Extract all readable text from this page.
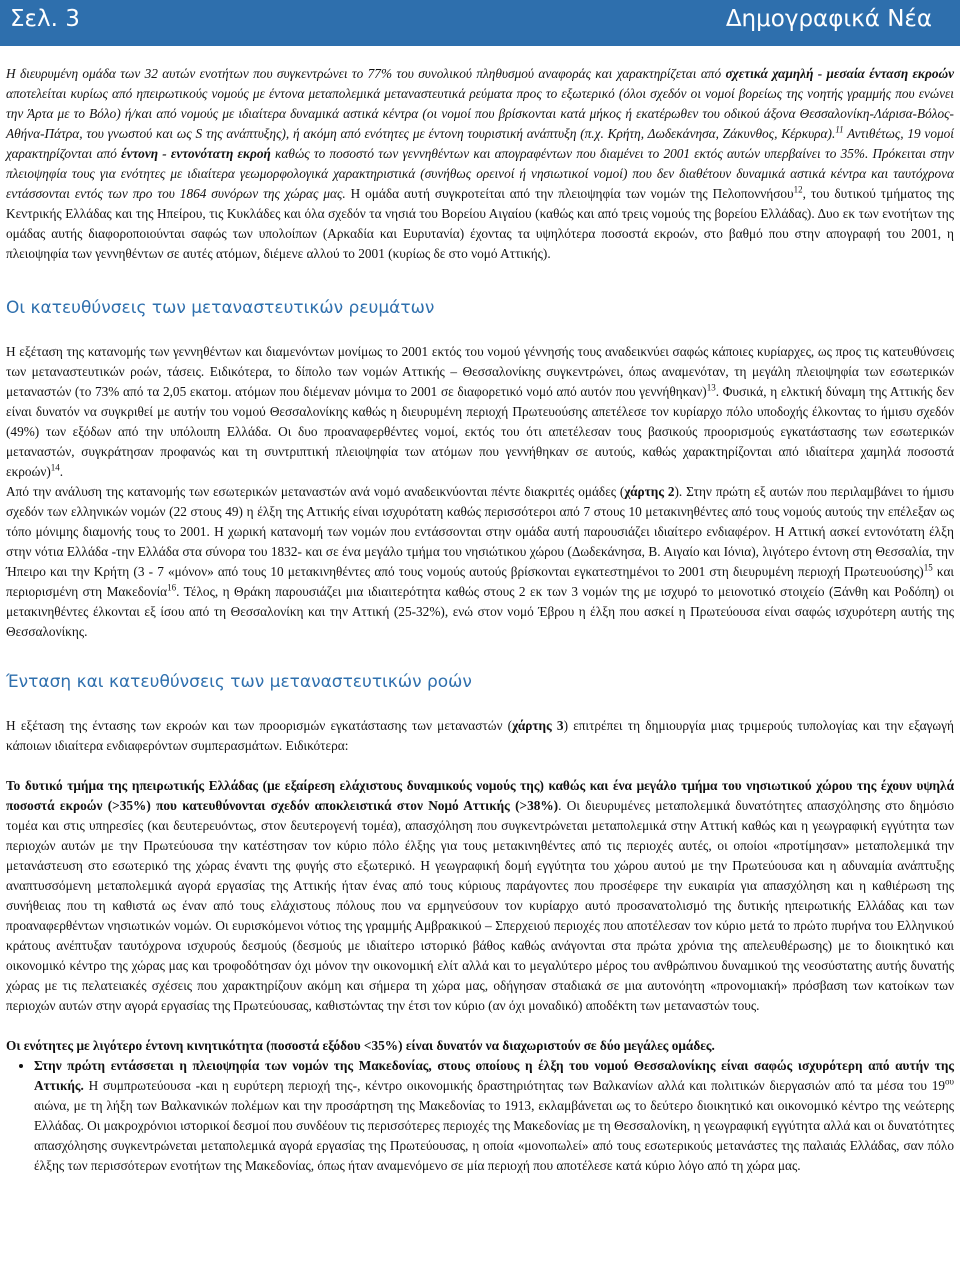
Σελ. 3	Δημογραφικά Νέα

Η διευρυμένη ομάδα των 32 αυτών ενοτήτων που συγκεντρώνει το 77% του συνολικού πληθυσμού αναφοράς και χαρακτηρίζεται από σχετικά χαμηλή - μεσαία ένταση εκροών αποτελείται κυρίως από ηπειρωτικούς νομούς με έντονα μεταπολεμικά μεταναστευτικά ρεύματα προς το εξωτερικό (όλοι σχεδόν οι νομοί βορείως της νοητής γραμμής που ενώνει την Άρτα με το Βόλο) ή/και από νομούς με ιδιαίτερα δυναμικά αστικά κέντρα (οι νομοί που βρίσκονται κατά μήκος ή εκατέρωθεν του οδικού άξονα Θεσσαλονίκη-Λάρισα-Βόλος-Αθήνα-Πάτρα, του γνωστού και ως S της ανάπτυξης), ή ακόμη από ενότητες με έντονη τουριστική ανάπτυξη (π.χ. Κρήτη, Δωδεκάνησα, Ζάκυνθος, Κέρκυρα).$^{11}$ Αντιθέτως, 19 νομοί χαρακτηρίζονται από έντονη - εντονότατη εκροή καθώς το ποσοστό των γεννηθέντων και απογραφέντων που διαμένει το 2001 εκτός αυτών υπερβαίνει το 35%. Πρόκειται στην πλειοψηφία τους για ενότητες με ιδιαίτερα γεωμορφολογικά χαρακτηριστικά (συνήθως ορεινοί ή νησιωτικοί νομοί) που δεν διαθέτουν δυναμικά αστικά κέντρα και ταυτόχρονα εντάσσονται εντός των προ του 1864 συνόρων της χώρας μας. Η ομάδα αυτή συγκροτείται από την πλειοψηφία των νομών της Πελοποννήσου$^{12}$, του δυτικού τμήματος της Κεντρικής Ελλάδας και της Ηπείρου, τις Κυκλάδες και όλα σχεδόν τα νησιά του Βορείου Αιγαίου (καθώς και από τρεις νομούς της βορείου Ελλάδας). Δυο εκ των ενοτήτων της ομάδας αυτής διαφοροποιούνται σαφώς των υπολοίπων (Αρκαδία και Ευρυτανία) έχοντας τα υψηλότερα ποσοστά εκροών, στο βαθμό που στην απογραφή του 2001, η πλειοψηφία των γεννηθέντων σε αυτές ατόμων, διέμενε αλλού το 2001 (κυρίως δε στο νομό Αττικής).

Οι κατευθύνσεις των μεταναστευτικών ρευμάτων

Η εξέταση της κατανομής των γεννηθέντων και διαμενόντων μονίμως το 2001 εκτός του νομού γέννησής τους αναδεικνύει σαφώς κάποιες κυρίαρχες, ως προς τις κατευθύνσεις των μεταναστευτικών ροών, τάσεις. Ειδικότερα, το δίπολο των νομών Αττικής – Θεσσαλονίκης συγκεντρώνει, όπως αναμενόταν, τη μεγάλη πλειοψηφία των εσωτερικών μεταναστών (το 73% από τα 2,05 εκατομ. ατόμων που διέμεναν μόνιμα το 2001 σε διαφορετικό νομό από αυτόν που γεννήθηκαν)$^{13}$. Φυσικά, η ελκτική δύναμη της Αττικής δεν είναι δυνατόν να συγκριθεί με αυτήν του νομού Θεσσαλονίκης καθώς η διευρυμένη περιοχή Πρωτευούσης απετέλεσε τον κυρίαρχο πόλο υποδοχής έλκοντας το ήμισυ σχεδόν (49%) των εξόδων από την υπόλοιπη Ελλάδα. Οι δυο προαναφερθέντες νομοί, εκτός του ότι απετέλεσαν τους βασικούς προορισμούς εγκατάστασης των εσωτερικών μεταναστών, συγκράτησαν προφανώς και τη συντριπτική πλειοψηφία των ατόμων που γεννήθηκαν σε αυτούς, καθώς χαρακτηρίζονται από ιδιαίτερα χαμηλά ποσοστά εκροών)$^{14}$.

Από την ανάλυση της κατανομής των εσωτερικών μεταναστών ανά νομό αναδεικνύονται πέντε διακριτές ομάδες (χάρτης 2). Στην πρώτη εξ αυτών που περιλαμβάνει το ήμισυ σχεδόν των ελληνικών νομών (22 στους 49) η έλξη της Αττικής είναι ισχυρότατη καθώς περισσότεροι από 7 στους 10 μετακινηθέντες από τους νομούς αυτούς την επέλεξαν ως τόπο μόνιμης διαμονής τους το 2001. Η χωρική κατανομή των νομών που εντάσσονται στην ομάδα αυτή παρουσιάζει ιδιαίτερο ενδιαφέρον. Η Αττική ασκεί εντονότατη έλξη στην νότια Ελλάδα -την Ελλάδα στα σύνορα του 1832- και σε ένα μεγάλο τμήμα του νησιώτικου χώρου (Δωδεκάνησα, Β. Αιγαίο και Ιόνια), λιγότερο έντονη στη Θεσσαλία, την Ήπειρο και την Κρήτη (3 - 7 «μόνον» από τους 10 μετακινηθέντες από τους νομούς αυτούς βρίσκονται εγκατεστημένοι το 2001 στη διευρυμένη περιοχή Πρωτευούσης)$^{15}$ και περιορισμένη στη Μακεδονία$^{16}$. Τέλος, η Θράκη παρουσιάζει μια ιδιαιτερότητα καθώς στους 2 εκ των 3 νομών της με ισχυρό το μειονοτικό στοιχείο (Ξάνθη και Ροδόπη) οι μετακινηθέντες έλκονται εξ ίσου από τη Θεσσαλονίκη και την Αττική (25-32%), ενώ στον νομό Έβρου η έλξη που ασκεί η Πρωτεύουσα είναι σαφώς ισχυρότερη αυτής της Θεσσαλονίκης.

Ένταση και κατευθύνσεις των μεταναστευτικών ροών

Η εξέταση της έντασης των εκροών και των προορισμών εγκατάστασης των μεταναστών (χάρτης 3) επιτρέπει τη δημιουργία μιας τριμερούς τυπολογίας και την εξαγωγή κάποιων ιδιαίτερα ενδιαφερόντων συμπερασμάτων. Ειδικότερα:

Το δυτικό τμήμα της ηπειρωτικής Ελλάδας (με εξαίρεση ελάχιστους δυναμικούς νομούς της) καθώς και ένα μεγάλο τμήμα του νησιωτικού χώρου της έχουν υψηλά ποσοστά εκροών (>35%) που κατευθύνονται σχεδόν αποκλειστικά στον Νομό Αττικής (>38%). Οι διευρυμένες μεταπολεμικά δυνατότητες απασχόλησης στο δημόσιο τομέα και στις υπηρεσίες (και δευτερευόντως, στον δευτερογενή τομέα), απασχόληση που συγκεντρώνεται μεταπολεμικά στην Αττική καθώς και η γεωγραφική εγγύτητα των περιοχών αυτών με την Πρωτεύουσα την κατέστησαν τον κύριο πόλο έλξης για τους μετακινηθέντες από τις περιοχές αυτές, οι οποίοι «προτίμησαν» μεταπολεμικά την μετανάστευση στο εσωτερικό της χώρας έναντι της φυγής στο εξωτερικό. Η γεωγραφική δομή εγγύτητα του χώρου αυτού με την Πρωτεύουσα και η αδυναμία ανάπτυξης αναπτυσσόμενη μεταπολεμικά αγορά εργασίας της Αττικής ήταν ένας από τους κύριους παράγοντες που προσέφερε την ευκαιρία για απασχόληση και η καθιέρωση της συνήθειας που τη καθιστά ως έναν από τους ελάχιστους πόλους που να ερμηνεύσουν τον κυρίαρχο αυτό προσανατολισμό της δυτικής ηπειρωτικής Ελλάδας και των προαναφερθέντων νησιωτικών νομών. Οι ευρισκόμενοι νότιος της γραμμής Αμβρακικού – Σπερχειού περιοχές που αποτέλεσαν τον κύριο μετά το πρώτο πυρήνα του Ελληνικού κράτους ανέπτυξαν ταυτόχρονα ισχυρούς δεσμούς (δεσμούς με ιδιαίτερο ιστορικό βάθος καθώς ανάγονται στα πρώτα χρόνια της απελευθέρωσης) με το διοικητικό και οικονομικό κέντρο της χώρας μας και τροφοδότησαν όχι μόνον την οικονομική ελίτ αλλά και το μεγαλύτερο μέρος του ανθρώπινου δυναμικού της νεοσύστατης αυτής δυνατής χώρας με τις πελατειακές σχέσεις που χαρακτηρίζουν ακόμη και σήμερα τη χώρα μας, οδήγησαν σταδιακά σε μια αυτονόητη «προνομιακή» πρόσβαση των κατοίκων των περιοχών αυτών στην αγορά εργασίας της Πρωτεύουσας, καθιστώντας την έτσι τον κύριο (αν όχι μοναδικό) αποδέκτη των μεταναστών τους.

Οι ενότητες με λιγότερο έντονη κινητικότητα (ποσοστά εξόδου <35%) είναι δυνατόν να διαχωριστούν σε δύο μεγάλες ομάδες.

• Στην πρώτη εντάσσεται η πλειοψηφία των νομών της Μακεδονίας, στους οποίους η έλξη του νομού Θεσσαλονίκης είναι σαφώς ισχυρότερη από αυτήν της Αττικής. Η συμπρωτεύουσα -και η ευρύτερη περιοχή της-, κέντρο οικονομικής δραστηριότητας των Βαλκανίων αλλά και πολιτικών διεργασιών από τα μέσα του $19^{o\upsilon}$ αιώνα, με τη λήξη των Βαλκανικών πολέμων και την προσάρτηση της Μακεδονίας το 1913, εκλαμβάνεται ως το δεύτερο διοικητικό και οικονομικό κέντρο της νεώτερης Ελλάδας. Οι μακροχρόνιοι ιστορικοί δεσμοί που συνδέουν τις περισσότερες περιοχές της Μακεδονίας με τη Θεσσαλονίκη, η γεωγραφική εγγύτητα αλλά και οι δυνατότητες απασχόλησης συγκεντρώνεται μεταπολεμικά αγορά εργασίας της Πρωτεύουσας, η οποία «μονοπωλεί» από τους εσωτερικούς μετανάστες της παλαιάς Ελλάδας, σαν πόλο έλξης των περισσότερων ενοτήτων της Μακεδονίας, όπως ήταν αναμενόμενο σε μία περιοχή που αποτέλεσε κατά κύριο λόγο από τη χώρα μας.
